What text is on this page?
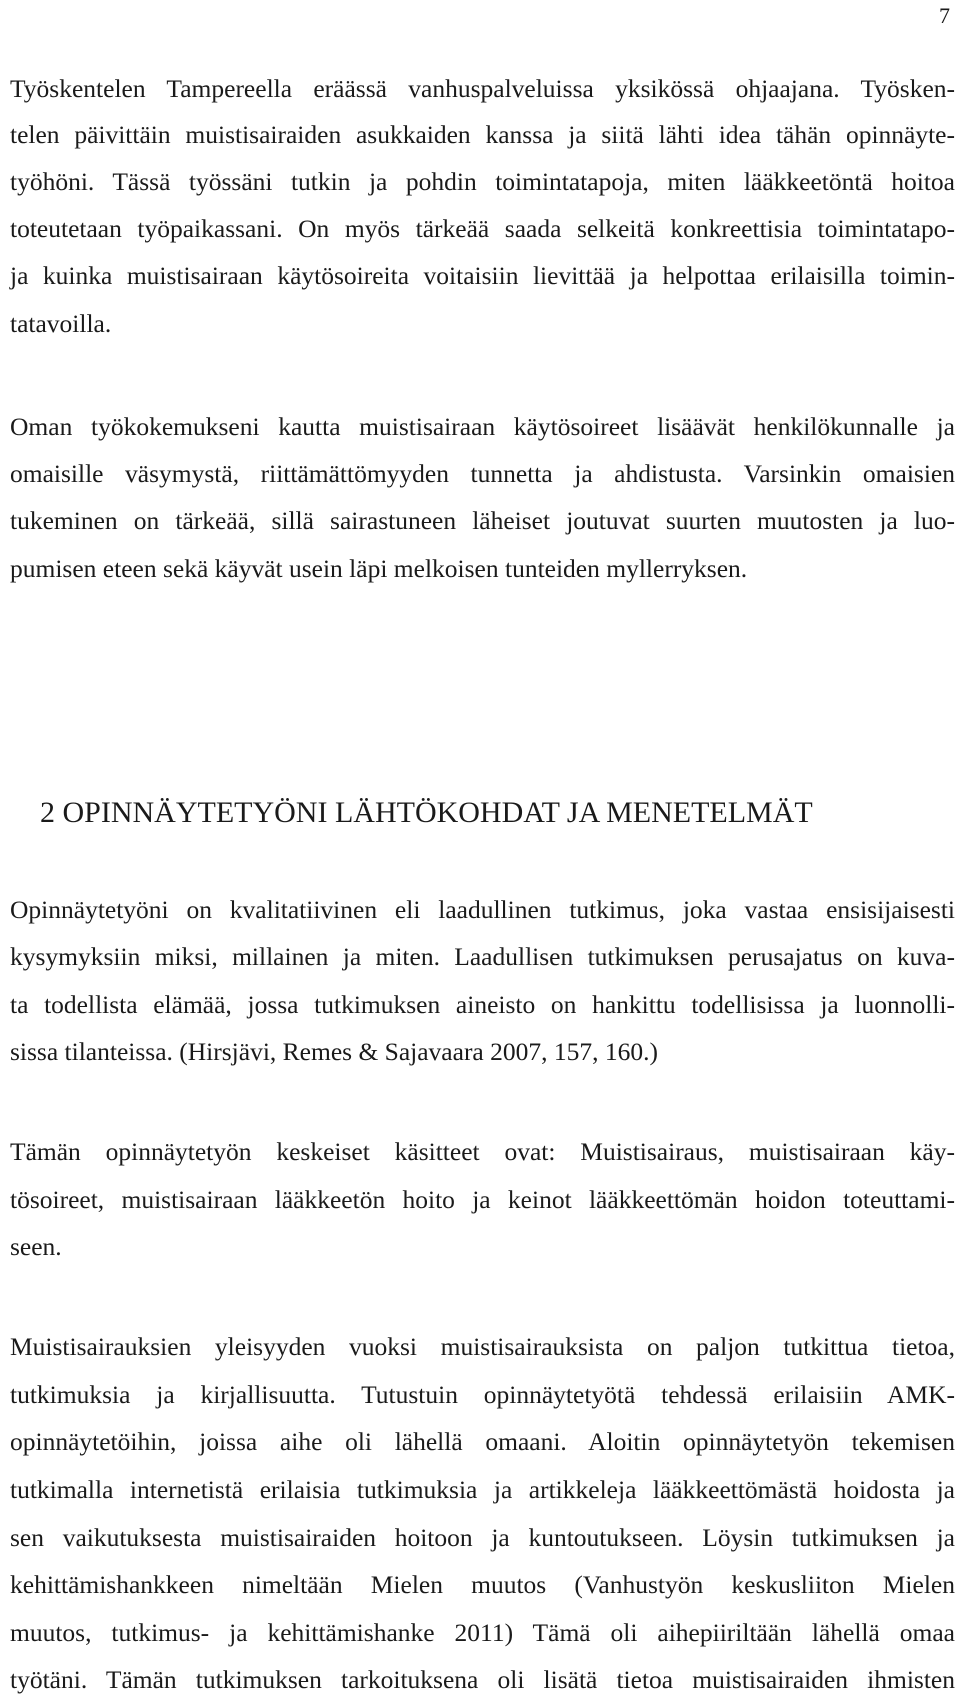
7
Työskentelen Tampereella eräässä vanhuspalveluissa yksikössä ohjaajana. Työsken-
telen päivittäin muistisairaiden asukkaiden kanssa ja siitä lähti idea tähän opinnäyte-
työhöni. Tässä työssäni tutkin ja pohdin toimintatapoja, miten lääkkeetöntä hoitoa
toteutetaan työpaikassani. On myös tärkeää saada selkeitä konkreettisia toimintatapo-
ja kuinka muistisairaan käytösoireita voitaisiin lievittää ja helpottaa erilaisilla toimin-
tatavoilla.
Oman työkokemukseni kautta muistisairaan käytösoireet lisäävät henkilökunnalle ja
omaisille väsymystä, riittämättömyyden tunnetta ja ahdistusta. Varsinkin omaisien
tukeminen on tärkeää, sillä sairastuneen läheiset joutuvat suurten muutosten ja luo-
pumisen eteen sekä käyvät usein läpi melkoisen tunteiden myllerryksen.
2 OPINNÄYTETYÖNI LÄHTÖKOHDAT JA MENETELMÄT
Opinnäytetyöni on kvalitatiivinen eli laadullinen tutkimus, joka vastaa ensisijaisesti
kysymyksiin miksi, millainen ja miten. Laadullisen tutkimuksen perusajatus on kuva-
ta todellista elämää, jossa tutkimuksen aineisto on hankittu todellisissa ja luonnolli-
sissa tilanteissa. (Hirsjävi, Remes & Sajavaara 2007, 157, 160.)
Tämän opinnäytetyön keskeiset käsitteet ovat: Muistisairaus, muistisairaan käy-
tösoireet, muistisairaan lääkkeetön hoito ja keinot lääkkeettömän hoidon toteuttami-
seen.
Muistisairauksien yleisyyden vuoksi muistisairauksista on paljon tutkittua tietoa,
tutkimuksia ja kirjallisuutta. Tutustuin opinnäytetyötä tehdessä erilaisiin AMK-
opinnäytetöihin, joissa aihe oli lähellä omaani. Aloitin opinnäytetyön tekemisen
tutkimalla internetistä erilaisia tutkimuksia ja artikkeleja lääkkeettömästä hoidosta ja
sen vaikutuksesta muistisairaiden hoitoon ja kuntoutukseen. Löysin tutkimuksen ja
kehittämishankkeen nimeltään Mielen muutos (Vanhustyön keskusliiton Mielen
muutos, tutkimus- ja kehittämishanke 2011) Tämä oli aihepiiriltään lähellä omaa
työtäni. Tämän tutkimuksen tarkoituksena oli lisätä tietoa muistisairaiden ihmisten
